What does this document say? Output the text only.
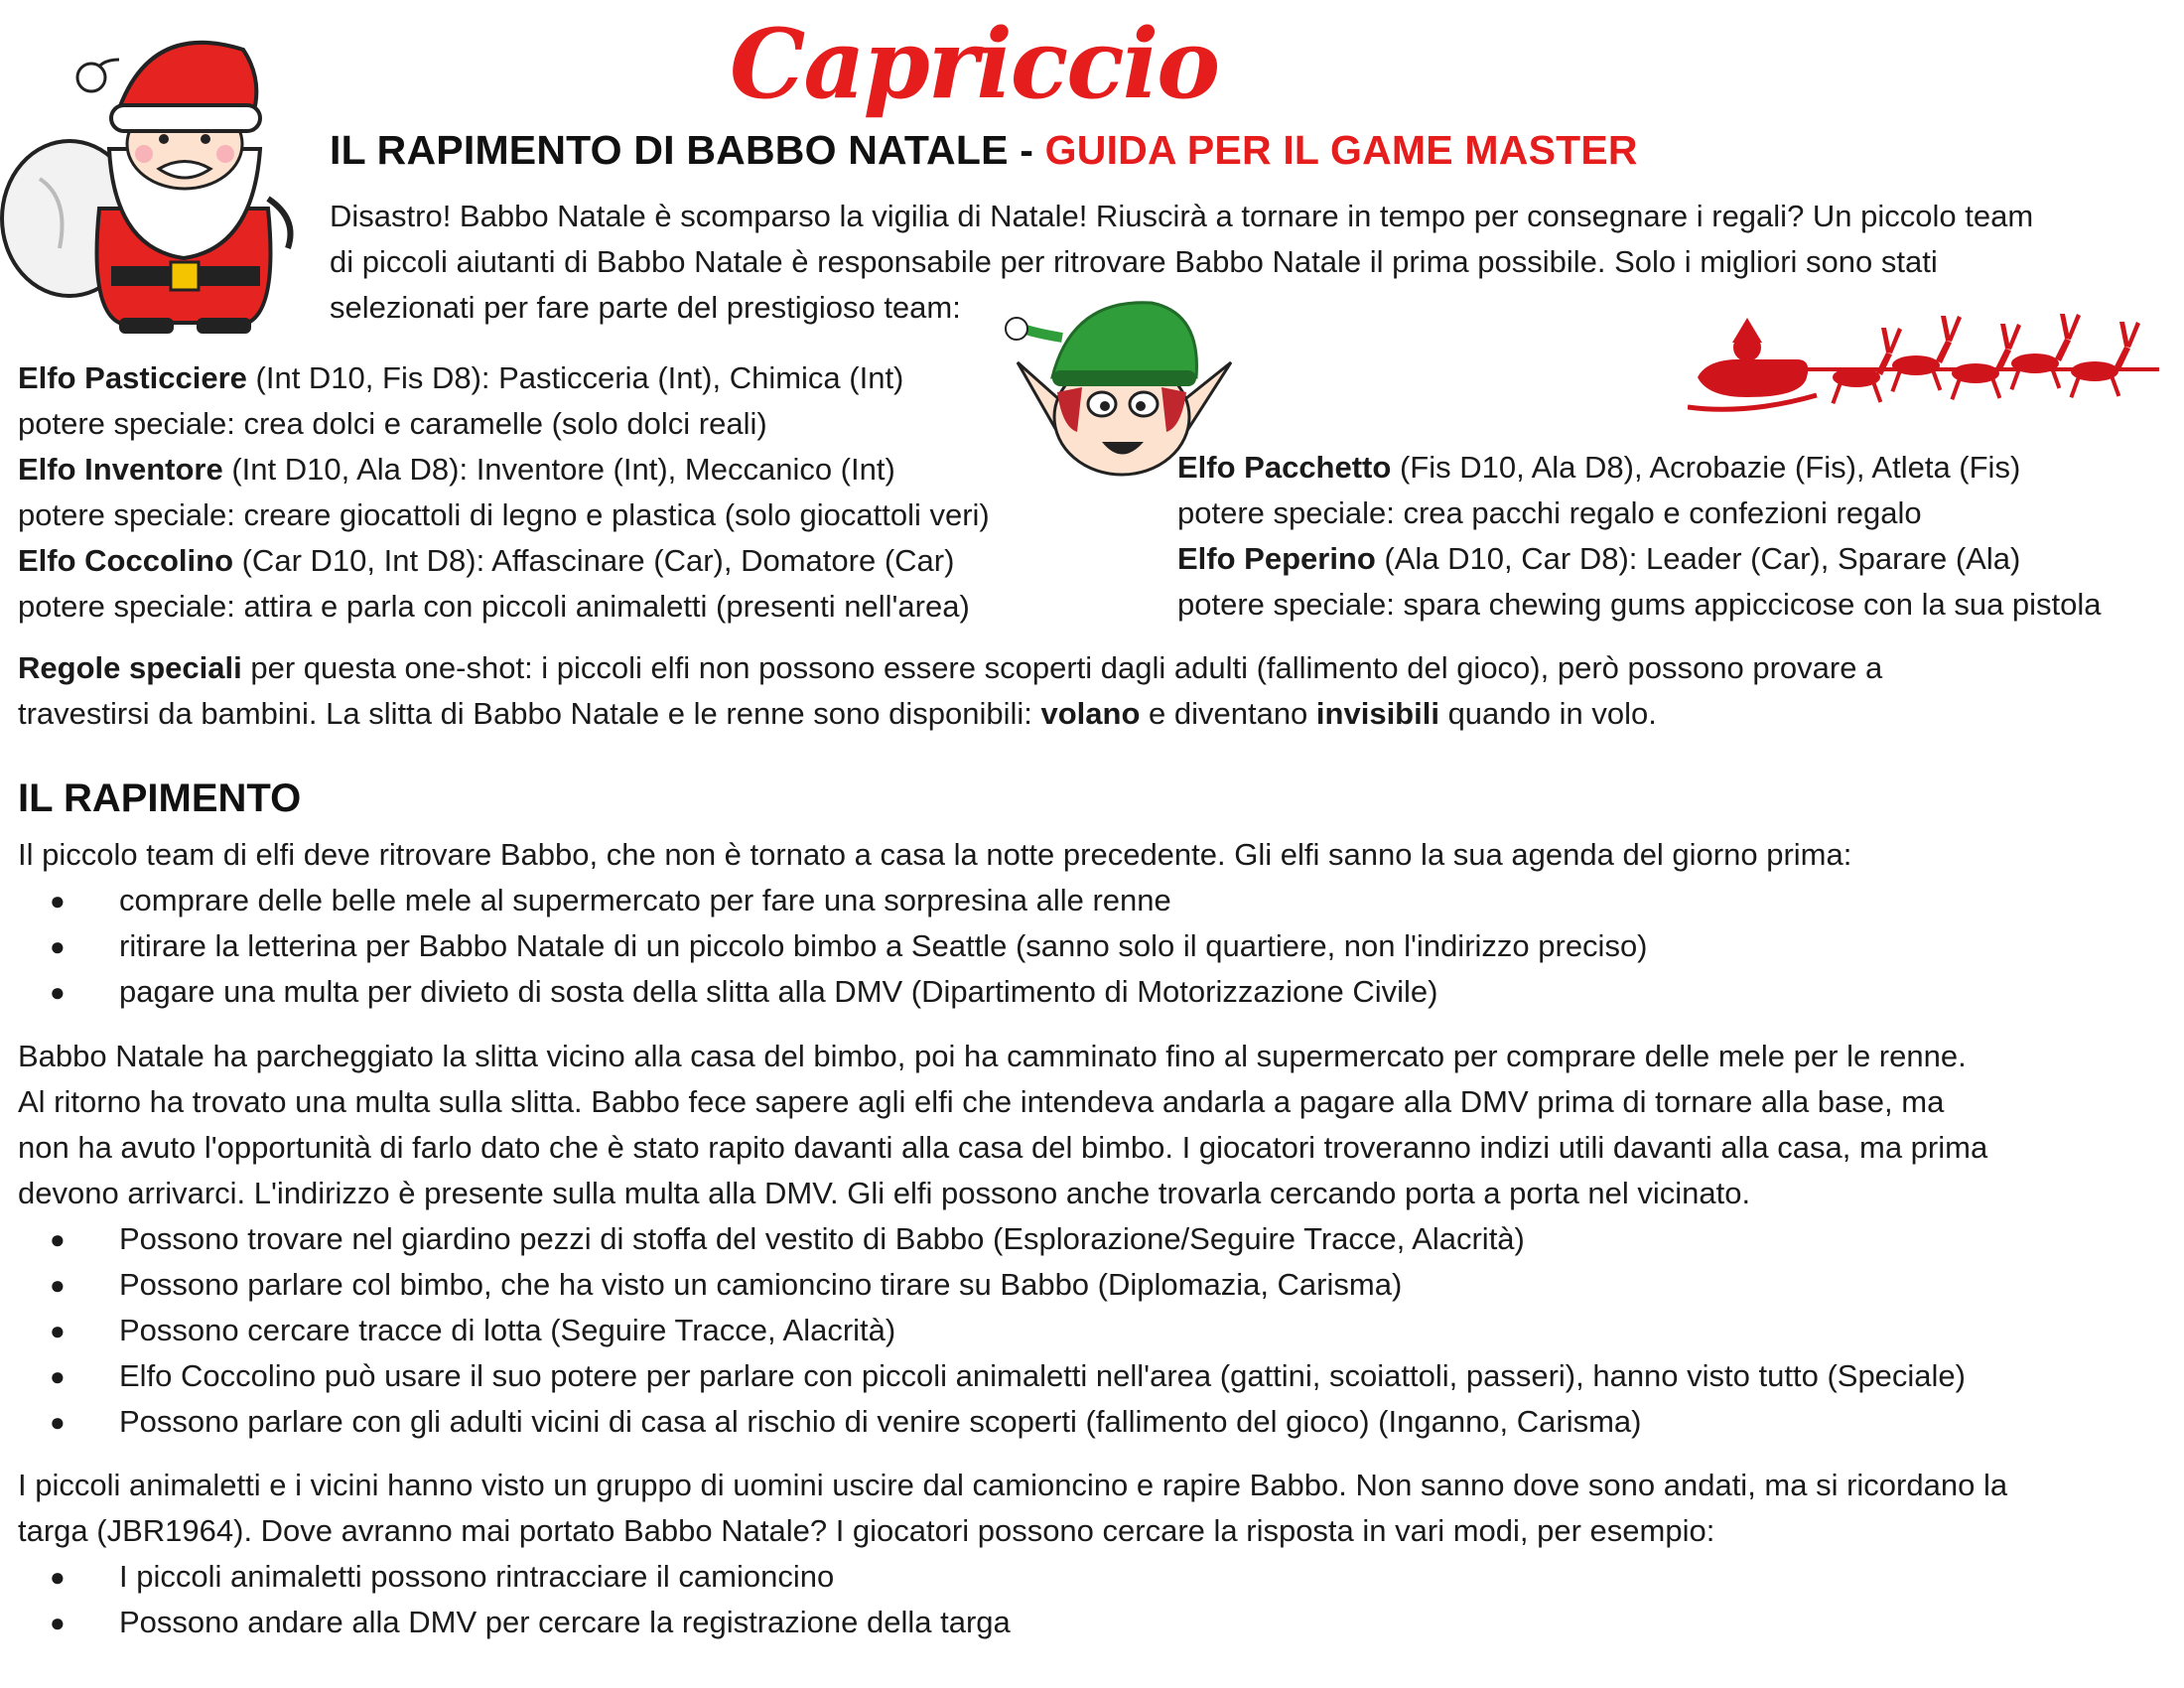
Capriccio
IL RAPIMENTO DI BABBO NATALE - GUIDA PER IL GAME MASTER
Disastro! Babbo Natale è scomparso la vigilia di Natale! Riuscirà a tornare in tempo per consegnare i regali? Un piccolo team
di piccoli aiutanti di Babbo Natale è responsabile per ritrovare Babbo Natale il prima possibile. Solo i migliori sono stati
selezionati per fare parte del prestigioso team:
Elfo Pasticciere (Int D10, Fis D8): Pasticceria (Int), Chimica (Int)
potere speciale: crea dolci e caramelle (solo dolci reali)
Elfo Inventore (Int D10, Ala D8): Inventore (Int), Meccanico (Int)
potere speciale: creare giocattoli di legno e plastica (solo giocattoli veri)
Elfo Coccolino (Car D10, Int D8): Affascinare (Car), Domatore (Car)
potere speciale: attira e parla con piccoli animaletti (presenti nell'area)
Elfo Pacchetto (Fis D10, Ala D8), Acrobazie (Fis), Atleta (Fis)
potere speciale: crea pacchi regalo e confezioni regalo
Elfo Peperino (Ala D10, Car D8): Leader (Car), Sparare (Ala)
potere speciale: spara chewing gums appiccicose con la sua pistola
Regole speciali per questa one-shot: i piccoli elfi non possono essere scoperti dagli adulti (fallimento del gioco), però possono provare a
travestirsi da bambini. La slitta di Babbo Natale e le renne sono disponibili: volano e diventano invisibili quando in volo.
IL RAPIMENTO
Il piccolo team di elfi deve ritrovare Babbo, che non è tornato a casa la notte precedente. Gli elfi sanno la sua agenda del giorno prima:
● comprare delle belle mele al supermercato per fare una sorpresina alle renne
● ritirare la letterina per Babbo Natale di un piccolo bimbo a Seattle (sanno solo il quartiere, non l'indirizzo preciso)
● pagare una multa per divieto di sosta della slitta alla DMV (Dipartimento di Motorizzazione Civile)
Babbo Natale ha parcheggiato la slitta vicino alla casa del bimbo, poi ha camminato fino al supermercato per comprare delle mele per le renne.
Al ritorno ha trovato una multa sulla slitta. Babbo fece sapere agli elfi che intendeva andarla a pagare alla DMV prima di tornare alla base, ma
non ha avuto l'opportunità di farlo dato che è stato rapito davanti alla casa del bimbo. I giocatori troveranno indizi utili davanti alla casa, ma prima
devono arrivarci. L'indirizzo è presente sulla multa alla DMV. Gli elfi possono anche trovarla cercando porta a porta nel vicinato.
● Possono trovare nel giardino pezzi di stoffa del vestito di Babbo (Esplorazione/Seguire Tracce, Alacrità)
● Possono parlare col bimbo, che ha visto un camioncino tirare su Babbo (Diplomazia, Carisma)
● Possono cercare tracce di lotta (Seguire Tracce, Alacrità)
● Elfo Coccolino può usare il suo potere per parlare con piccoli animaletti nell'area (gattini, scoiattoli, passeri), hanno visto tutto (Speciale)
● Possono parlare con gli adulti vicini di casa al rischio di venire scoperti (fallimento del gioco) (Inganno, Carisma)
I piccoli animaletti e i vicini hanno visto un gruppo di uomini uscire dal camioncino e rapire Babbo. Non sanno dove sono andati, ma si ricordano la
targa (JBR1964). Dove avranno mai portato Babbo Natale? I giocatori possono cercare la risposta in vari modi, per esempio:
● I piccoli animaletti possono rintracciare il camioncino
● Possono andare alla DMV per cercare la registrazione della targa
